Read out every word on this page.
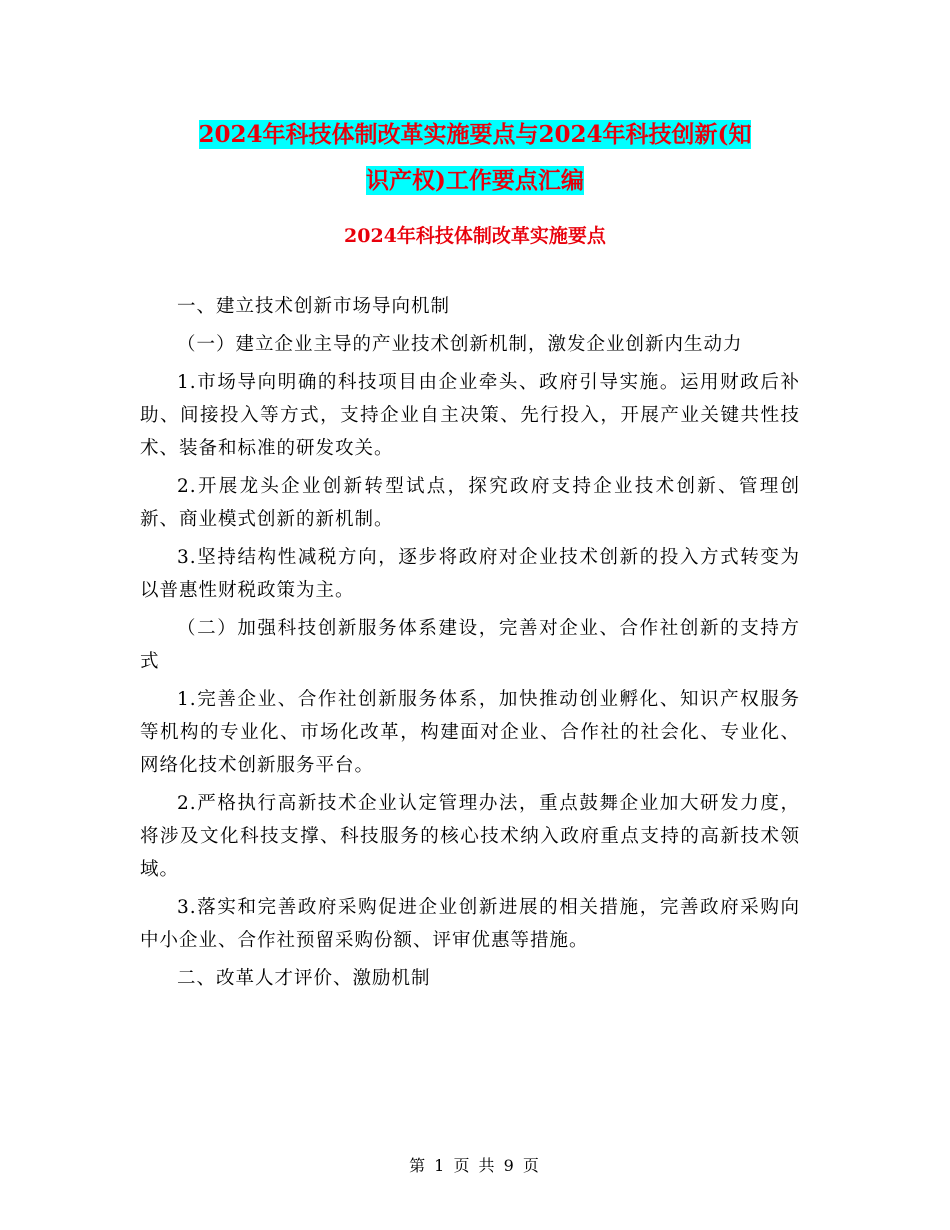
2024年科技体制改革实施要点与2024年科技创新(知
识产权)工作要点汇编
2024年科技体制改革实施要点

一、建立技术创新市场导向机制

（一）建立企业主导的产业技术创新机制，激发企业创新内生动力

1.市场导向明确的科技项目由企业牵头、政府引导实施。运用财政后补助、间接投入等方式，支持企业自主决策、先行投入，开展产业关键共性技术、装备和标准的研发攻关。

2.开展龙头企业创新转型试点，探究政府支持企业技术创新、管理创新、商业模式创新的新机制。

3.坚持结构性减税方向，逐步将政府对企业技术创新的投入方式转变为以普惠性财税政策为主。

（二）加强科技创新服务体系建设，完善对企业、合作社创新的支持方式

1.完善企业、合作社创新服务体系，加快推动创业孵化、知识产权服务等机构的专业化、市场化改革，构建面对企业、合作社的社会化、专业化、网络化技术创新服务平台。

2.严格执行高新技术企业认定管理办法，重点鼓舞企业加大研发力度，将涉及文化科技支撑、科技服务的核心技术纳入政府重点支持的高新技术领域。

3.落实和完善政府采购促进企业创新进展的相关措施，完善政府采购向中小企业、合作社预留采购份额、评审优惠等措施。

二、改革人才评价、激励机制

第 1 页 共 9 页
